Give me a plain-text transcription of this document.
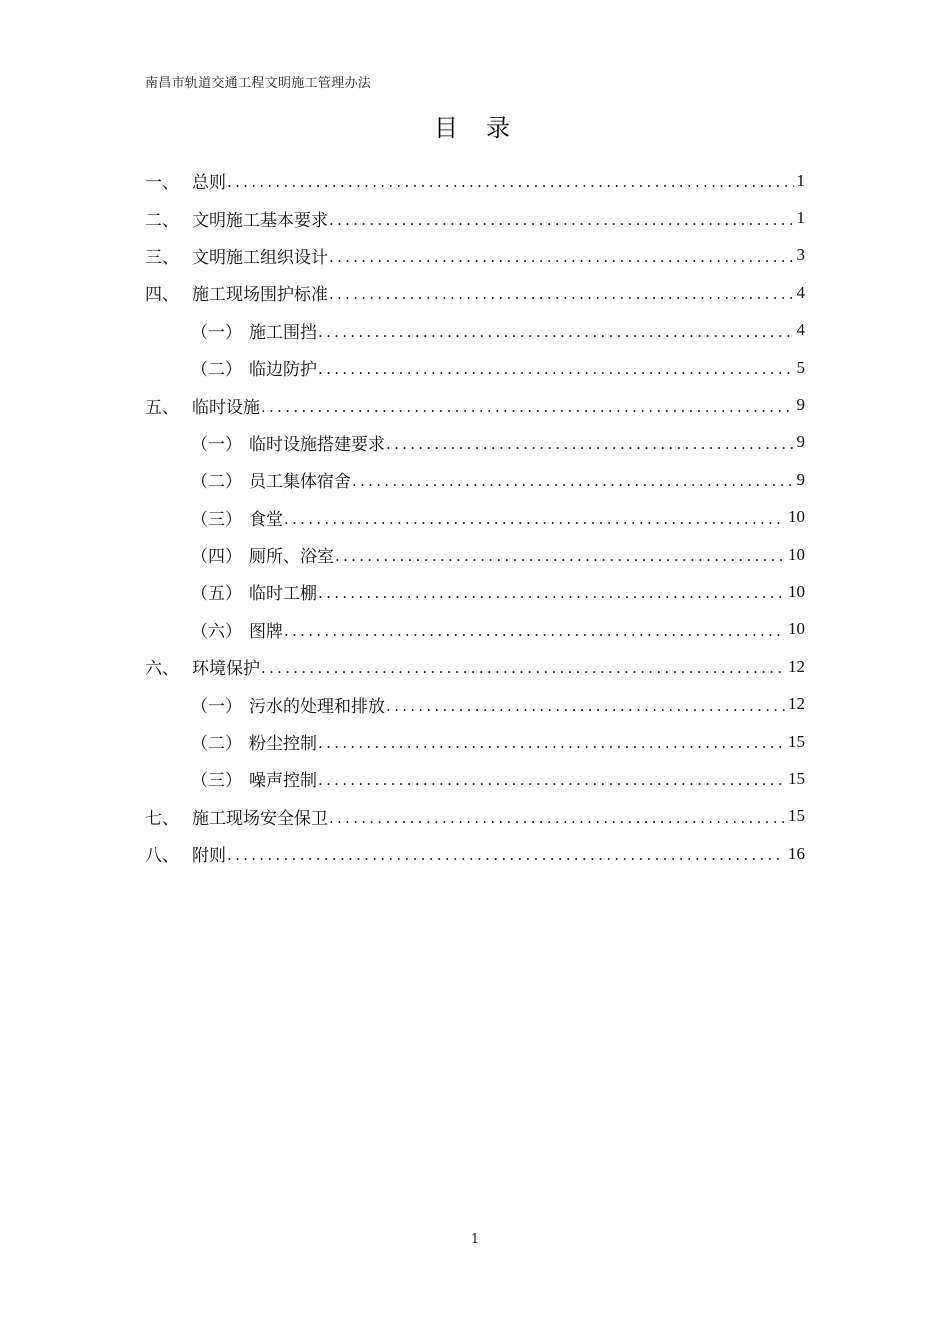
南昌市轨道交通工程文明施工管理办法
目 录
一、 总则 .....	1
二、 文明施工基本要求 .....	1
三、 文明施工组织设计 .....	3
四、 施工现场围护标准 .....	4
（一） 施工围挡 .....	4
（二） 临边防护 .....	5
五、 临时设施 .....	9
（一） 临时设施搭建要求 .....	9
（二） 员工集体宿舍 .....	9
（三） 食堂 .....	10
（四） 厕所、浴室 .....	10
（五） 临时工棚 .....	10
（六） 图牌 .....	10
六、 环境保护 .....	12
（一） 污水的处理和排放 .....	12
（二） 粉尘控制 .....	15
（三） 噪声控制 .....	15
七、 施工现场安全保卫 .....	15
八、 附则 .....	16
1
